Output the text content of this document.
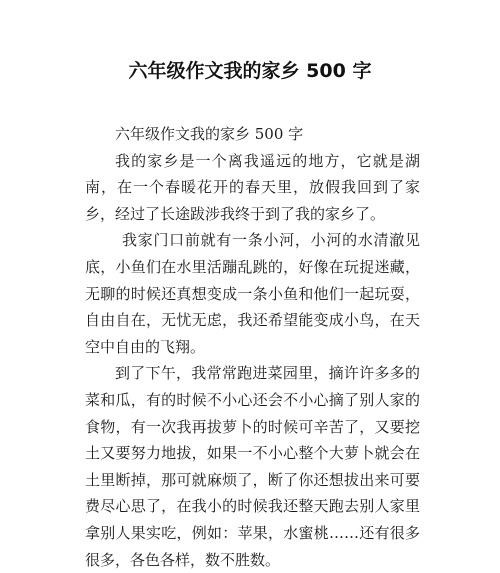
六年级作文我的家乡 500 字

六年级作文我的家乡 500 字

我的家乡是一个离我遥远的地方，它就是湖南，在一个春暖花开的春天里，放假我回到了家乡，经过了长途跋涉我终于到了我的家乡了。

我家门口前就有一条小河，小河的水清澈见底，小鱼们在水里活蹦乱跳的，好像在玩捉迷藏，无聊的时候还真想变成一条小鱼和他们一起玩耍，自由自在，无忧无虑，我还希望能变成小鸟，在天空中自由的飞翔。

到了下午，我常常跑进菜园里，摘许许多多的菜和瓜，有的时候不小心还会不小心摘了别人家的食物，有一次我再拔萝卜的时候可辛苦了，又要挖土又要努力地拔，如果一不小心整个大萝卜就会在土里断掉，那可就麻烦了，断了你还想拔出来可要费尽心思了，在我小的时候我还整天跑去别人家里拿别人果实吃，例如：苹果，水蜜桃……还有很多很多，各色各样，数不胜数。
